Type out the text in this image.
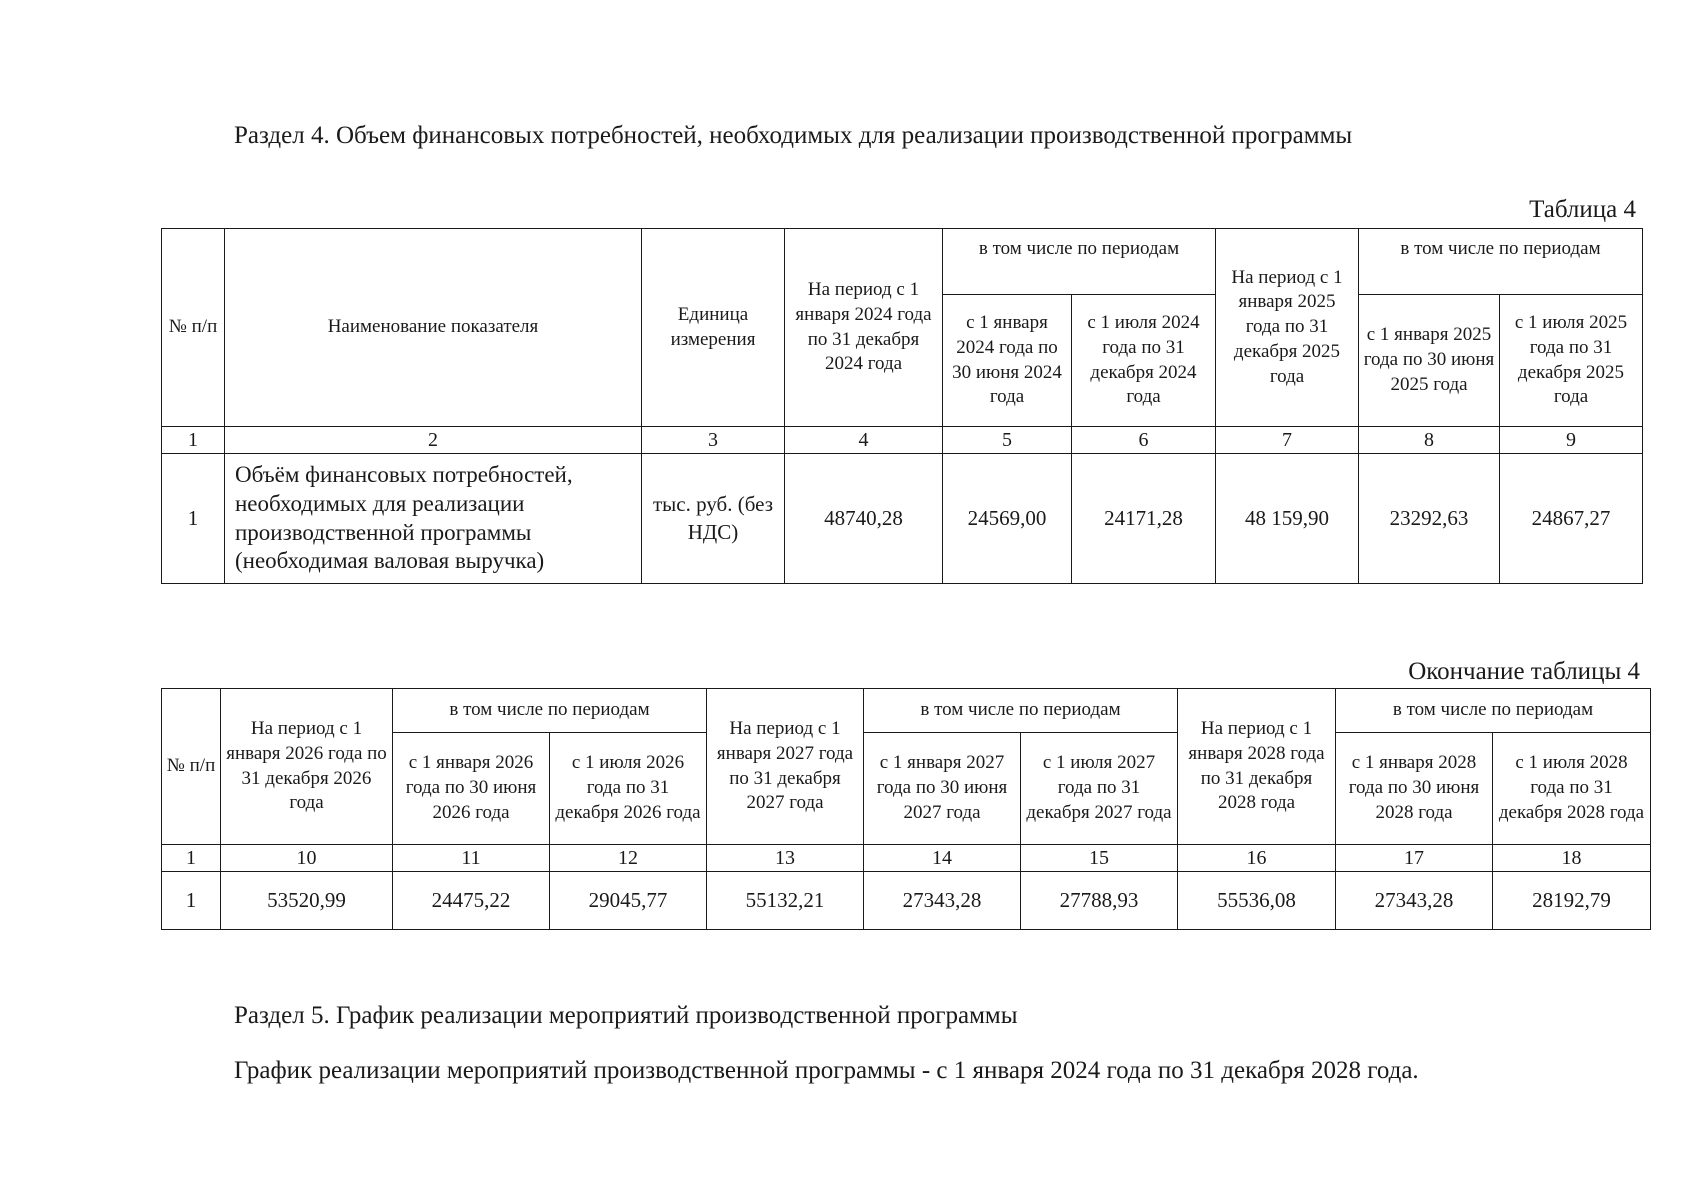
Раздел 4. Объем финансовых потребностей, необходимых для реализации производственной программы
Таблица 4
№ п/п	Наименование показателя	Единица измерения	На период с 1 января 2024 года по 31 декабря 2024 года	в том числе по периодам		На период с 1 января 2025 года по 31 декабря 2025 года	в том числе по периодам	
				с 1 января 2024 года по 30 июня 2024 года	с 1 июля 2024 года по 31 декабря 2024 года		с 1 января 2025 года по 30 июня 2025 года	с 1 июля 2025 года по 31 декабря 2025 года
1	2	3	4	5	6	7	8	9
1	Объём финансовых потребностей, необходимых для реализации производственной программы (необходимая валовая выручка)	тыс. руб. (без НДС)	48740,28	24569,00	24171,28	48 159,90	23292,63	24867,27
Окончание таблицы 4
№ п/п	На период с 1 января 2026 года по 31 декабря 2026 года	в том числе по периодам		На период с 1 января 2027 года по 31 декабря 2027 года	в том числе по периодам		На период с 1 января 2028 года по 31 декабря 2028 года	в том числе по периодам	
		с 1 января 2026 года по 30 июня 2026 года	с 1 июля 2026 года по 31 декабря 2026 года		с 1 января 2027 года по 30 июня 2027 года	с 1 июля 2027 года по 31 декабря 2027 года		с 1 января 2028 года по 30 июня 2028 года	с 1 июля 2028 года по 31 декабря 2028 года
1	10	11	12	13	14	15	16	17	18
1	53520,99	24475,22	29045,77	55132,21	27343,28	27788,93	55536,08	27343,28	28192,79
Раздел 5. График реализации мероприятий производственной программы
График реализации мероприятий производственной программы - с 1 января 2024 года по 31 декабря 2028 года.
